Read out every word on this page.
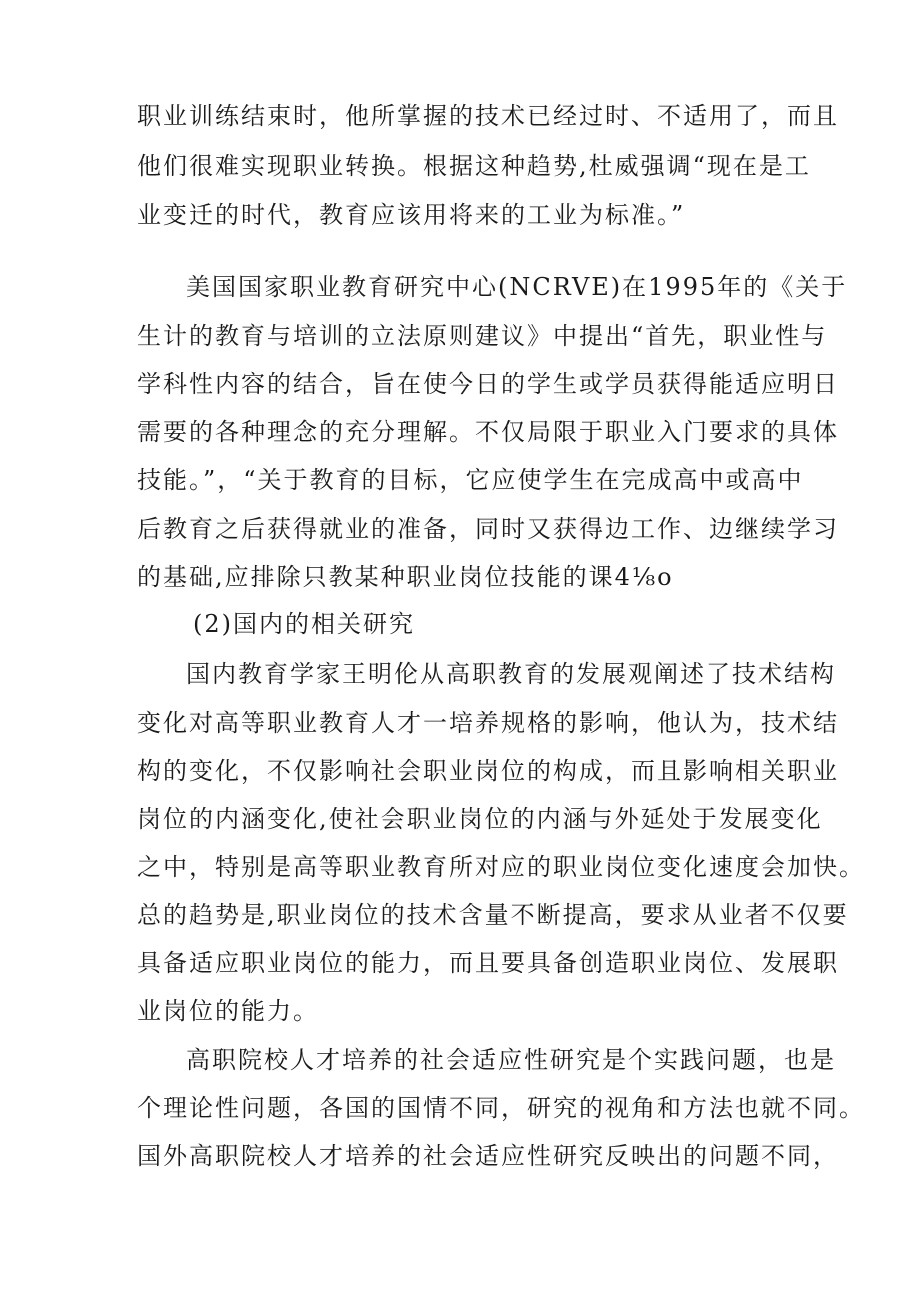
职业训练结束时，他所掌握的技术已经过时、不适用了，而且
他们很难实现职业转换。根据这种趋势,杜威强调“现在是工
业变迁的时代，教育应该用将来的工业为标准。”
美国国家职业教育研究中心(NCRVE)在1995年的《关于
生计的教育与培训的立法原则建议》中提出“首先，职业性与
学科性内容的结合，旨在使今日的学生或学员获得能适应明日
需要的各种理念的充分理解。不仅局限于职业入门要求的具体
技能。”，“关于教育的目标，它应使学生在完成高中或高中
后教育之后获得就业的准备，同时又获得边工作、边继续学习
的基础,应排除只教某种职业岗位技能的课4⅛o
(2)国内的相关研究
国内教育学家王明伦从高职教育的发展观阐述了技术结构
变化对高等职业教育人才一培养规格的影响，他认为，技术结
构的变化，不仅影响社会职业岗位的构成，而且影响相关职业
岗位的内涵变化,使社会职业岗位的内涵与外延处于发展变化
之中，特别是高等职业教育所对应的职业岗位变化速度会加快。
总的趋势是,职业岗位的技术含量不断提高，要求从业者不仅要
具备适应职业岗位的能力，而且要具备创造职业岗位、发展职
业岗位的能力。
高职院校人才培养的社会适应性研究是个实践问题，也是
个理论性问题，各国的国情不同，研究的视角和方法也就不同。
国外高职院校人才培养的社会适应性研究反映出的问题不同，
